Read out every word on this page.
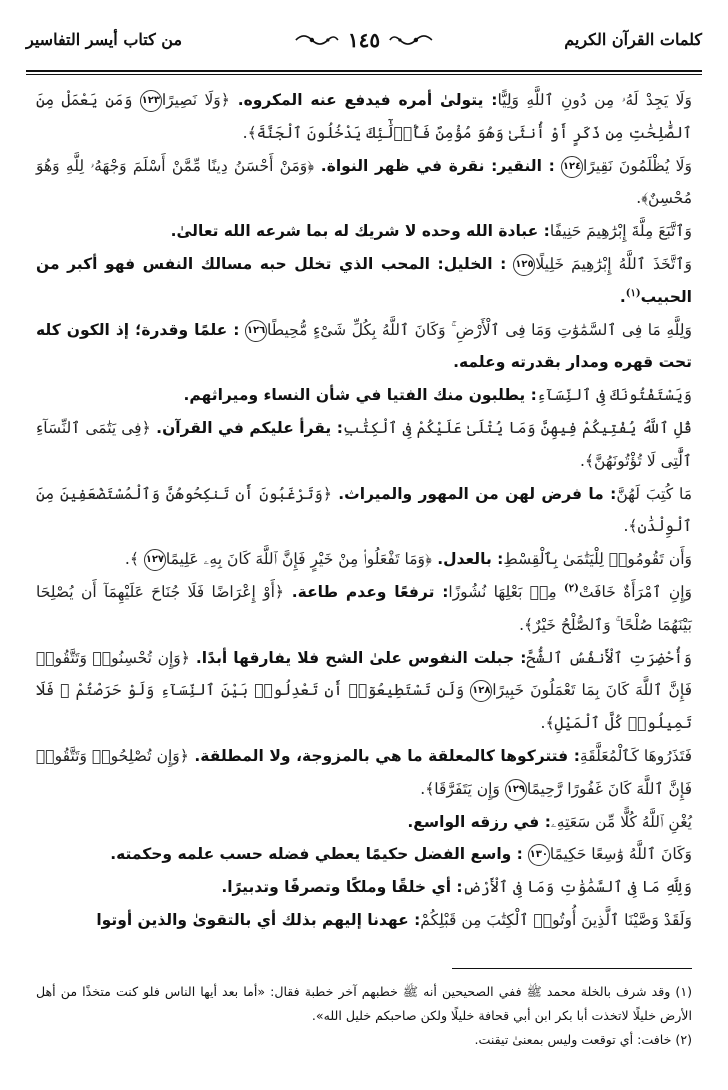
كلمات القرآن الكريم
١٤٥
من كتاب أيسر التفاسير

وَلَا يَجِدْ لَهُۥ مِن دُونِ ٱللَّهِ وَلِيًّا: يتولىٰ أمره فيدفع عنه المكروه. ﴿وَلَا نَصِيرًا١٢٣ وَمَن يَعْمَلْ مِنَ ٱلصَّٰلِحَٰتِ مِن ذَكَرٍ أَوْ أُنثَىٰ وَهُوَ مُؤْمِنٌ فَأُو۟لَٰٓئِكَ يَدْخُلُونَ ٱلْجَنَّةَ﴾.

وَلَا يُظْلَمُونَ نَقِيرًا١٢٤ : النقير: نقرة في ظهر النواة. ﴿وَمَنْ أَحْسَنُ دِينًا مِّمَّنْ أَسْلَمَ وَجْهَهُۥ لِلَّهِ وَهُوَ مُحْسِنٌ﴾.

وَٱتَّبَعَ مِلَّةَ إِبْرَٰهِيمَ حَنِيفًا: عبادة الله وحده لا شريك له بما شرعه الله تعالىٰ.

وَٱتَّخَذَ ٱللَّهُ إِبْرَٰهِيمَ خَلِيلًا١٢٥ : الخليل: المحب الذي تخلل حبه مسالك النفس فهو أكبر من الحبيب$^{(١)}$.

وَلِلَّهِ مَا فِى ٱلسَّمَٰوَٰتِ وَمَا فِى ٱلْأَرْضِ ۚ وَكَانَ ٱللَّهُ بِكُلِّ شَىْءٍ مُّحِيطًا١٢٦ : علمًا وقدرة؛ إذ الكون كله تحت قهره ومدار بقدرته وعلمه.

وَيَسْتَفْتُونَكَ فِى ٱلنِّسَآءِ: يطلبون منك الفتيا في شأن النساء وميراثهم.

قُلِ ٱللَّهُ يُفْتِيكُمْ فِيهِنَّ وَمَا يُتْلَىٰ عَلَيْكُمْ فِى ٱلْكِتَٰبِ: يقرأ عليكم في القرآن. ﴿فِى يَتَٰمَى ٱلنِّسَآءِ ٱلَّٰتِى لَا تُؤْتُونَهُنَّ﴾.

مَا كُتِبَ لَهُنَّ: ما فرض لهن من المهور والميراث. ﴿وَتَرْغَبُونَ أَن تَنكِحُوهُنَّ وَٱلْمُسْتَضْعَفِينَ مِنَ ٱلْوِلْدَٰنِ﴾.

وَأَن تَقُومُوا۟ لِلْيَتَٰمَىٰ بِٱلْقِسْطِ: بالعدل. ﴿وَمَا تَفْعَلُوا۟ مِنْ خَيْرٍ فَإِنَّ ٱللَّهَ كَانَ بِهِۦ عَلِيمًا١٢٧ ﴾.

وَإِنِ ٱمْرَأَةٌ خَافَتْ$^{(٢)}$ مِنۢ بَعْلِهَا نُشُوزًا: ترفعًا وعدم طاعة. ﴿أَوْ إِعْرَاضًا فَلَا جُنَاحَ عَلَيْهِمَآ أَن يُصْلِحَا بَيْنَهُمَا صُلْحًا ۚ وَٱلصُّلْحُ خَيْرٌ﴾.

وَأُحْضِرَتِ ٱلْأَنفُسُ ٱلشُّحَّ: جبلت النفوس علىٰ الشح فلا يفارقها أبدًا. ﴿وَإِن تُحْسِنُوا۟ وَتَتَّقُوا۟ فَإِنَّ ٱللَّهَ كَانَ بِمَا تَعْمَلُونَ خَبِيرًا١٢٨ وَلَن تَسْتَطِيعُوٓا۟ أَن تَعْدِلُوا۟ بَيْنَ ٱلنِّسَآءِ وَلَوْ حَرَصْتُمْ ۖ فَلَا تَمِيلُوا۟ كُلَّ ٱلْمَيْلِ﴾.

فَتَذَرُوهَا كَٱلْمُعَلَّقَةِ: فتتركوها كالمعلقة ما هي بالمزوجة، ولا المطلقة. ﴿وَإِن تُصْلِحُوا۟ وَتَتَّقُوا۟ فَإِنَّ ٱللَّهَ كَانَ غَفُورًا رَّحِيمًا١٢٩ وَإِن يَتَفَرَّقَا﴾.

يُغْنِ ٱللَّهُ كُلًّا مِّن سَعَتِهِۦ: في رزقه الواسع.

وَكَانَ ٱللَّهُ وَٰسِعًا حَكِيمًا١٣٠ : واسع الفضل حكيمًا يعطي فضله حسب علمه وحكمته.

وَلِلَّهِ مَا فِى ٱلسَّمَٰوَٰتِ وَمَا فِى ٱلْأَرْضِ: أي خلقًا وملكًا وتصرفًا وتدبيرًا.

وَلَقَدْ وَصَّيْنَا ٱلَّذِينَ أُوتُوا۟ ٱلْكِتَٰبَ مِن قَبْلِكُمْ: عهدنا إليهم بذلك أي بالتقوىٰ والذين أوتوا

(١) وقد شرف بالخلة محمد ﷺ ففي الصحيحين أنه ﷺ خطبهم آخر خطبة فقال: «أما بعد أيها الناس فلو كنت متخذًا من أهل الأرض خليلًا لاتخذت أبا بكر ابن أبي قحافة خليلًا ولكن صاحبكم خليل الله».

(٢) خافت: أي توقعت وليس بمعنىٰ تيقنت.
